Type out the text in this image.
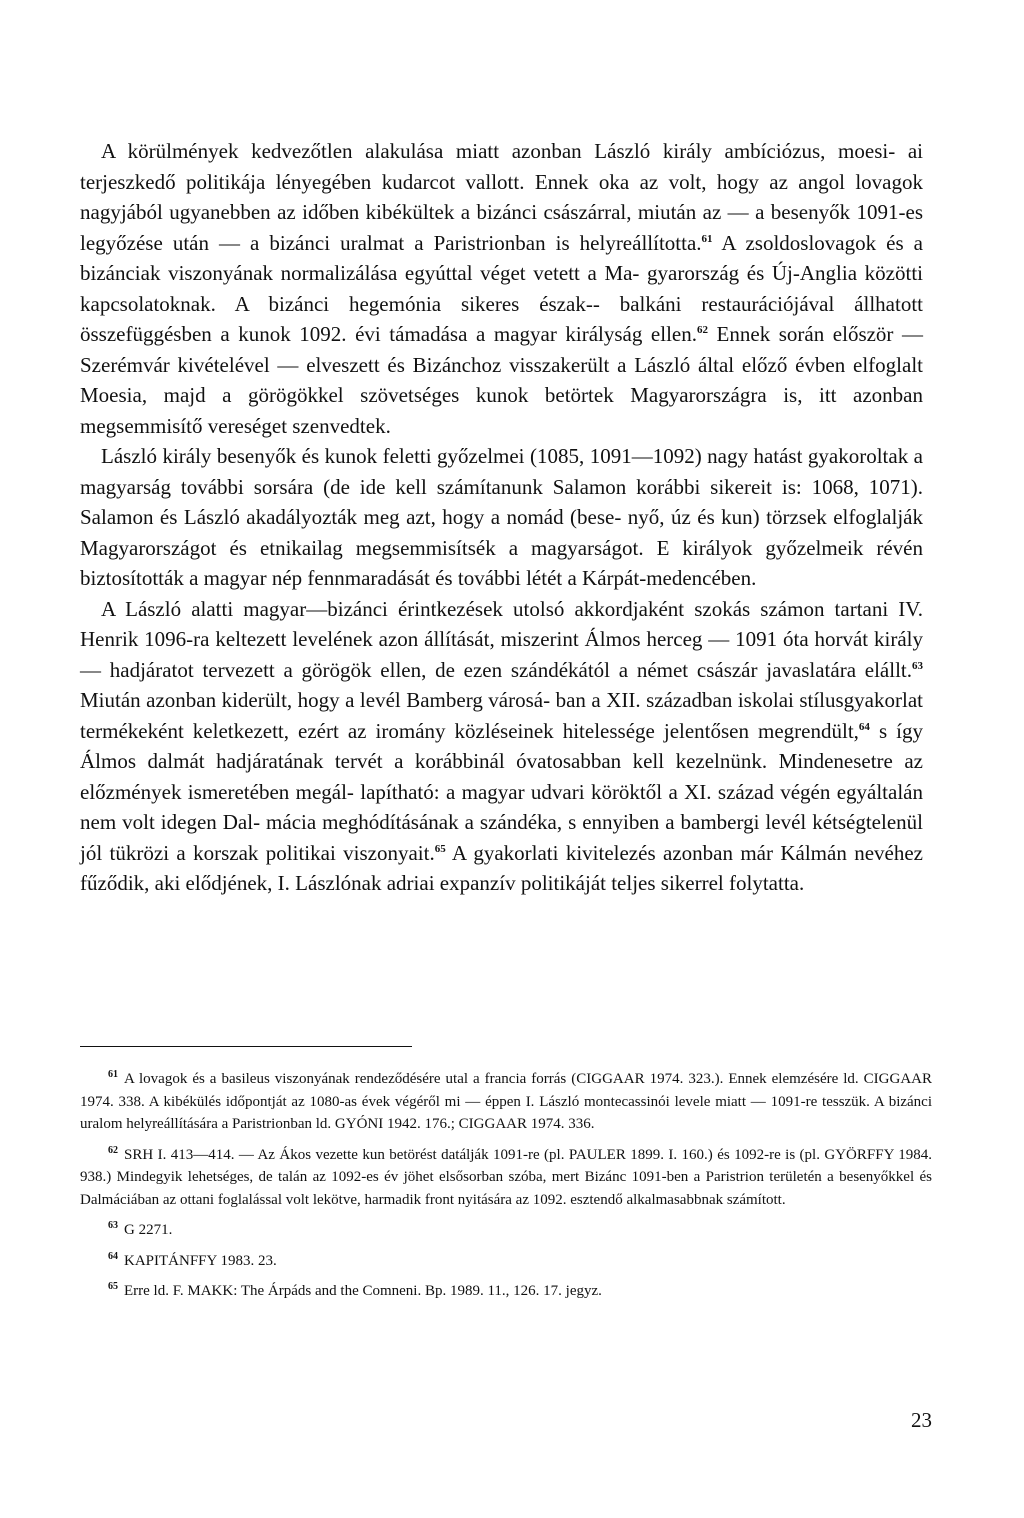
A körülmények kedvezőtlen alakulása miatt azonban László király ambíciózus, moesi- ai terjeszkedő politikája lényegében kudarcot vallott. Ennek oka az volt, hogy az angol lovagok nagyjából ugyanebben az időben kibékültek a bizánci császárral, miután az — a besenyők 1091-es legyőzése után — a bizánci uralmat a Paristrionban is helyreállította.$^{61}$ A zsoldoslovagok és a bizánciak viszonyának normalizálása egyúttal véget vetett a Ma- gyarország és Új-Anglia közötti kapcsolatoknak. A bizánci hegemónia sikeres észak-- balkáni restaurációjával állhatott összefüggésben a kunok 1092. évi támadása a magyar királyság ellen.$^{62}$ Ennek során először — Szerémvár kivételével — elveszett és Bizánchoz visszakerült a László által előző évben elfoglalt Moesia, majd a görögökkel szövetséges kunok betörtek Magyarországra is, itt azonban megsemmisítő vereséget szenvedtek.

László király besenyők és kunok feletti győzelmei (1085, 1091—1092) nagy hatást gyakoroltak a magyarság további sorsára (de ide kell számítanunk Salamon korábbi sikereit is: 1068, 1071). Salamon és László akadályozták meg azt, hogy a nomád (bese- nyő, úz és kun) törzsek elfoglalják Magyarországot és etnikailag megsemmisítsék a magyarságot. E királyok győzelmeik révén biztosították a magyar nép fennmaradását és további létét a Kárpát-medencében.

A László alatti magyar—bizánci érintkezések utolsó akkordjaként szokás számon tartani IV. Henrik 1096-ra keltezett levelének azon állítását, miszerint Álmos herceg — 1091 óta horvát király — hadjáratot tervezett a görögök ellen, de ezen szándékától a német császár javaslatára elállt.$^{63}$ Miután azonban kiderült, hogy a levél Bamberg városá- ban a XII. században iskolai stílusgyakorlat termékeként keletkezett, ezért az iromány közléseinek hitelessége jelentősen megrendült,$^{64}$ s így Álmos dalmát hadjáratának tervét a korábbinál óvatosabban kell kezelnünk. Mindenesetre az előzmények ismeretében megál- lapítható: a magyar udvari köröktől a XI. század végén egyáltalán nem volt idegen Dal- mácia meghódításának a szándéka, s ennyiben a bambergi levél kétségtelenül jól tükrözi a korszak politikai viszonyait.$^{65}$ A gyakorlati kivitelezés azonban már Kálmán nevéhez fűződik, aki elődjének, I. Lászlónak adriai expanzív politikáját teljes sikerrel folytatta.

$^{61}$ A lovagok és a basileus viszonyának rendeződésére utal a francia forrás (CIGGAAR 1974. 323.). Ennek elemzésére ld. CIGGAAR 1974. 338. A kibékülés időpontját az 1080-as évek végéről mi — éppen I. László montecassinói levele miatt — 1091-re tesszük. A bizánci uralom helyreállítására a Paristrionban ld. GYÓNI 1942. 176.; CIGGAAR 1974. 336.

$^{62}$ SRH I. 413—414. — Az Ákos vezette kun betörést datálják 1091-re (pl. PAULER 1899. I. 160.) és 1092-re is (pl. GYÖRFFY 1984. 938.) Mindegyik lehetséges, de talán az 1092-es év jöhet elsősorban szóba, mert Bizánc 1091-ben a Paristrion területén a besenyőkkel és Dalmáciában az ottani foglalással volt lekötve, harmadik front nyitására az 1092. esztendő alkalmasabbnak számított.

$^{63}$ G 2271.

$^{64}$ KAPITÁNFFY 1983. 23.

$^{65}$ Erre ld. F. MAKK: The Árpáds and the Comneni. Bp. 1989. 11., 126. 17. jegyz.

23
